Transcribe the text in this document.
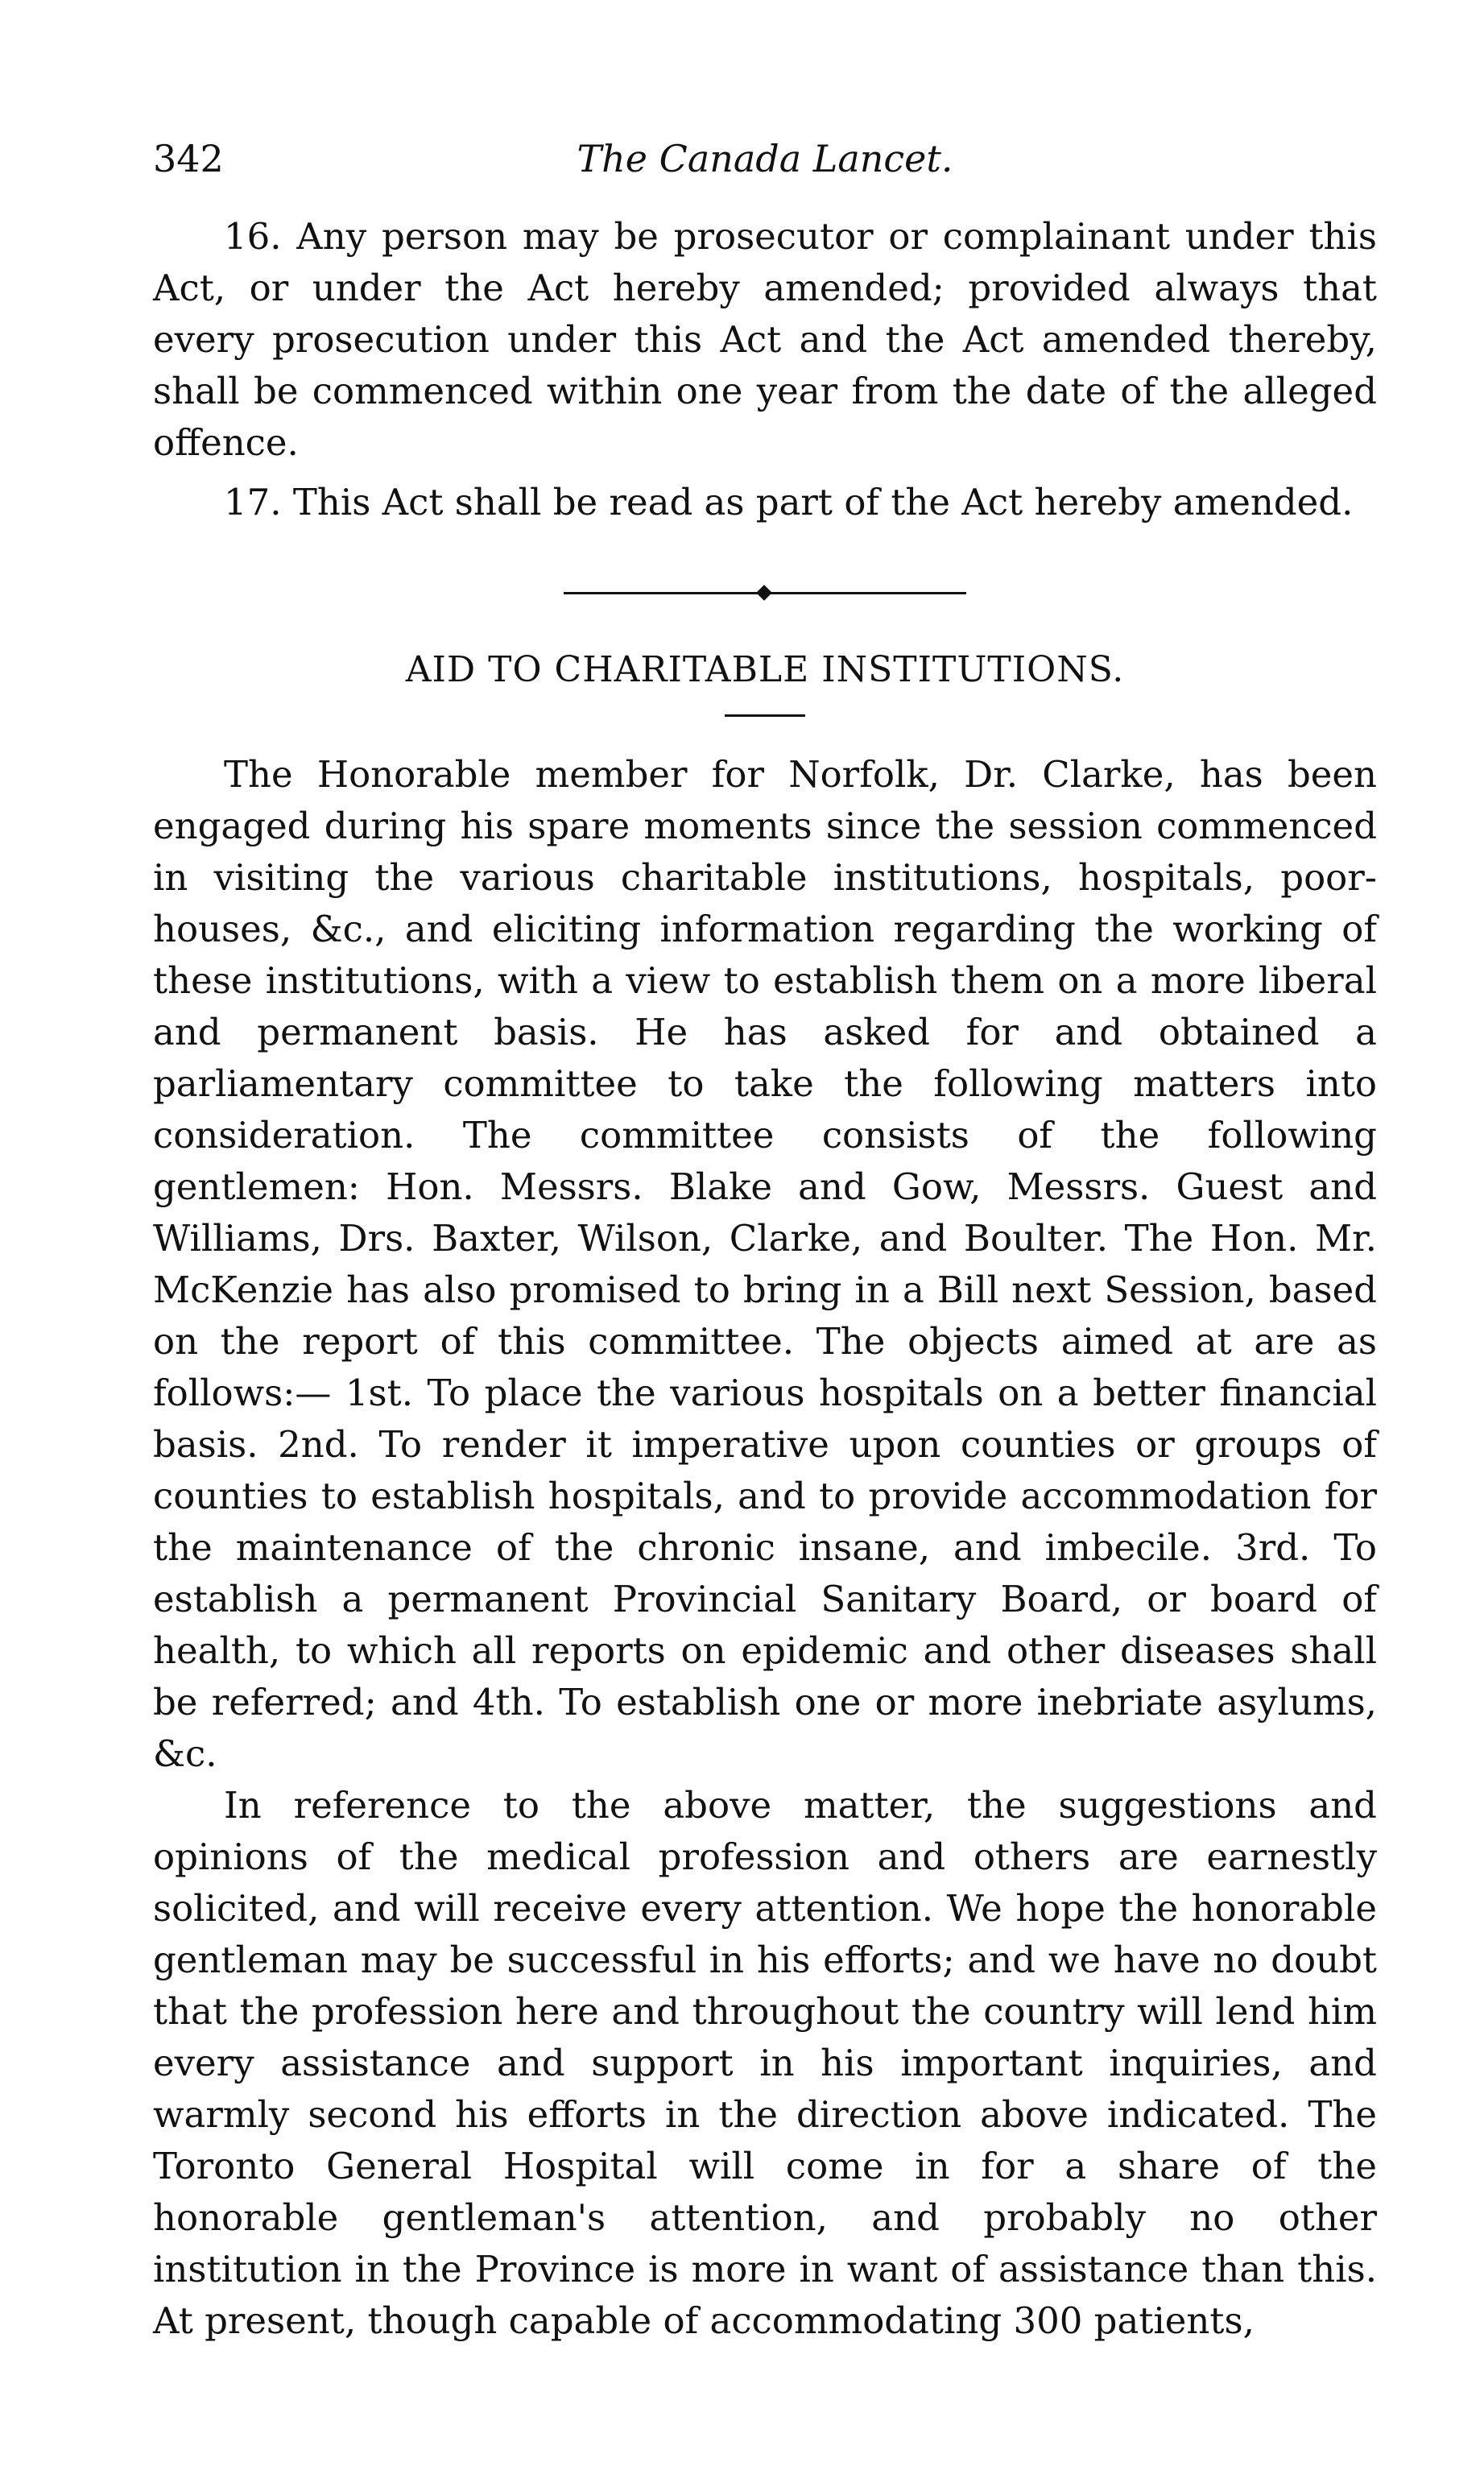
342	The Canada Lancet.

16. Any person may be prosecutor or complainant under this Act, or under the Act hereby amended; provided always that every prosecution under this Act and the Act amended thereby, shall be commenced within one year from the date of the alleged offence.

17. This Act shall be read as part of the Act hereby amended.

AID TO CHARITABLE INSTITUTIONS.

The Honorable member for Norfolk, Dr. Clarke, has been engaged during his spare moments since the session commenced in visiting the various charitable institutions, hospitals, poor-houses, &c., and eliciting information regarding the working of these institutions, with a view to establish them on a more liberal and permanent basis. He has asked for and obtained a parliamentary committee to take the following matters into consideration. The committee consists of the following gentlemen: Hon. Messrs. Blake and Gow, Messrs. Guest and Williams, Drs. Baxter, Wilson, Clarke, and Boulter. The Hon. Mr. McKenzie has also promised to bring in a Bill next Session, based on the report of this committee. The objects aimed at are as follows:— 1st. To place the various hospitals on a better financial basis. 2nd. To render it imperative upon counties or groups of counties to establish hospitals, and to provide accommodation for the maintenance of the chronic insane, and imbecile. 3rd. To establish a permanent Provincial Sanitary Board, or board of health, to which all reports on epidemic and other diseases shall be referred; and 4th. To establish one or more inebriate asylums, &c.

In reference to the above matter, the suggestions and opinions of the medical profession and others are earnestly solicited, and will receive every attention. We hope the honorable gentleman may be successful in his efforts; and we have no doubt that the profession here and throughout the country will lend him every assistance and support in his important inquiries, and warmly second his efforts in the direction above indicated. The Toronto General Hospital will come in for a share of the honorable gentleman's attention, and probably no other institution in the Province is more in want of assistance than this. At present, though capable of accommodating 300 patients,
